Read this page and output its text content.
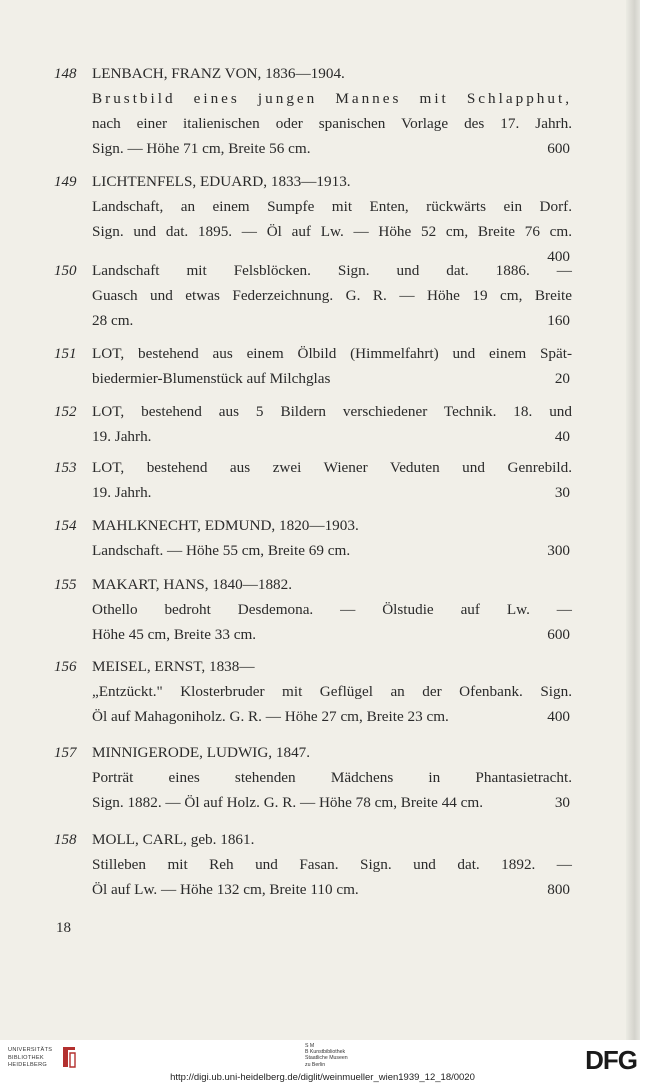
148	LENBACH, FRANZ VON, 1836—1904.
Brustbild eines jungen Mannes mit Schlapphut,
nach einer italienischen oder spanischen Vorlage des 17. Jahrh.
Sign. — Höhe 71 cm, Breite 56 cm.	600
149	LICHTENFELS, EDUARD, 1833—1913.
Landschaft, an einem Sumpfe mit Enten, rückwärts ein Dorf.
Sign. und dat. 1895. — Öl auf Lw. — Höhe 52 cm, Breite 76 cm.
400
150	Landschaft mit Felsblöcken. Sign. und dat. 1886. —
Guasch und etwas Federzeichnung. G. R. — Höhe 19 cm, Breite
28 cm.	160
151	LOT, bestehend aus einem Ölbild (Himmelfahrt) und einem Spät-
biedermier-Blumenstück auf Milchglas	20
152	LOT, bestehend aus 5 Bildern verschiedener Technik. 18. und
19. Jahrh.	40
153	LOT, bestehend aus zwei Wiener Veduten und Genrebild.
19. Jahrh.	30
154	MAHLKNECHT, EDMUND, 1820—1903.
Landschaft. — Höhe 55 cm, Breite 69 cm.	300
155	MAKART, HANS, 1840—1882.
Othello bedroht Desdemona. — Ölstudie auf Lw. —
Höhe 45 cm, Breite 33 cm.	600
156	MEISEL, ERNST, 1838—
„Entzückt." Klosterbruder mit Geflügel an der Ofenbank. Sign.
Öl auf Mahagoniholz. G. R. — Höhe 27 cm, Breite 23 cm.	400
157	MINNIGERODE, LUDWIG, 1847.
Porträt eines stehenden Mädchens in Phantasietracht.
Sign. 1882. — Öl auf Holz. G. R. — Höhe 78 cm, Breite 44 cm.	30
158	MOLL, CARL, geb. 1861.
Stilleben mit Reh und Fasan. Sign. und dat. 1892. —
Öl auf Lw. — Höhe 132 cm, Breite 110 cm.	800
18
UNIVERSITÄTS
BIBLIOTHEK
HEIDELBERG
S M
B Kunstbibliothek
Staatliche Museen
zu Berlin	DFG
http://digi.ub.uni-heidelberg.de/diglit/weinmueller_wien1939_12_18/0020
